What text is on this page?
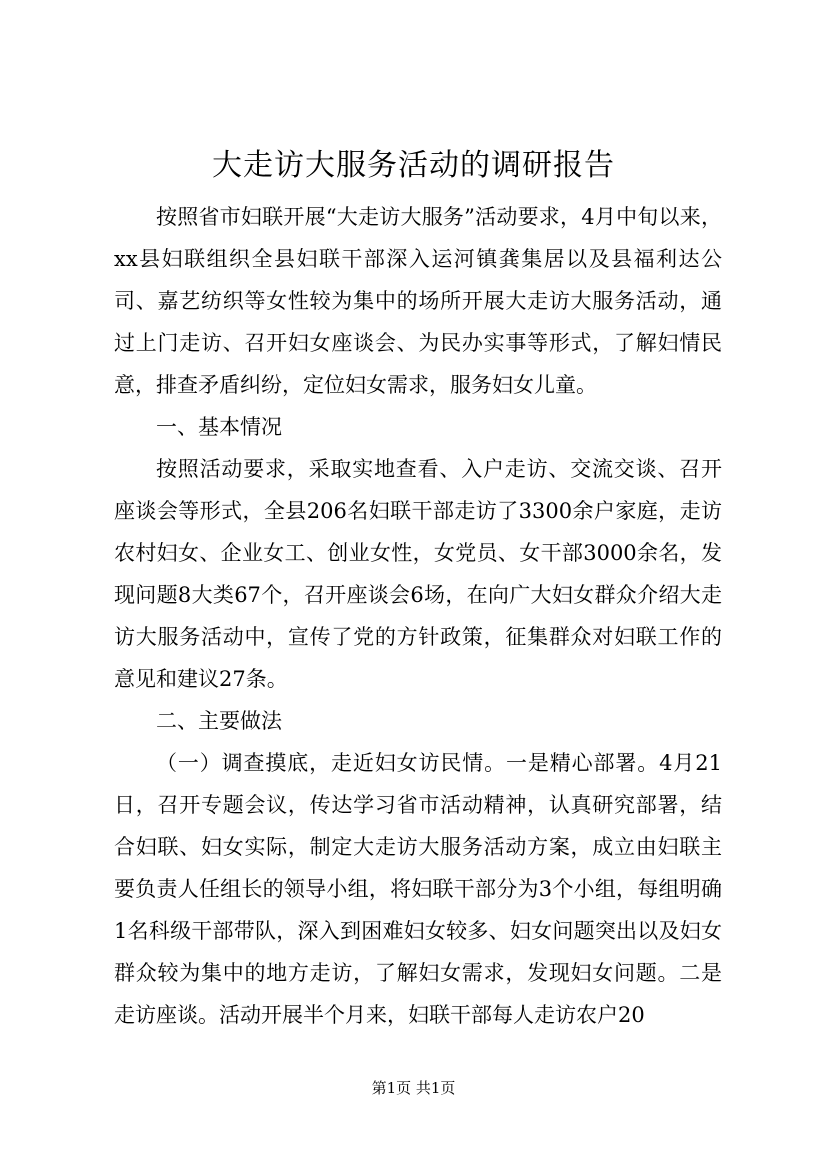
大走访大服务活动的调研报告

按照省市妇联开展“大走访大服务”活动要求，4月中旬以来，xx县妇联组织全县妇联干部深入运河镇龚集居以及县福利达公司、嘉艺纺织等女性较为集中的场所开展大走访大服务活动，通过上门走访、召开妇女座谈会、为民办实事等形式，了解妇情民意，排查矛盾纠纷，定位妇女需求，服务妇女儿童。

一、基本情况

按照活动要求，采取实地查看、入户走访、交流交谈、召开座谈会等形式，全县206名妇联干部走访了3300余户家庭，走访农村妇女、企业女工、创业女性，女党员、女干部3000余名，发现问题8大类67个，召开座谈会6场，在向广大妇女群众介绍大走访大服务活动中，宣传了党的方针政策，征集群众对妇联工作的意见和建议27条。

二、主要做法

（一）调查摸底，走近妇女访民情。一是精心部署。4月21日，召开专题会议，传达学习省市活动精神，认真研究部署，结合妇联、妇女实际，制定大走访大服务活动方案，成立由妇联主要负责人任组长的领导小组，将妇联干部分为3个小组，每组明确1名科级干部带队，深入到困难妇女较多、妇女问题突出以及妇女群众较为集中的地方走访，了解妇女需求，发现妇女问题。二是走访座谈。活动开展半个月来，妇联干部每人走访农户20

第1页 共1页
